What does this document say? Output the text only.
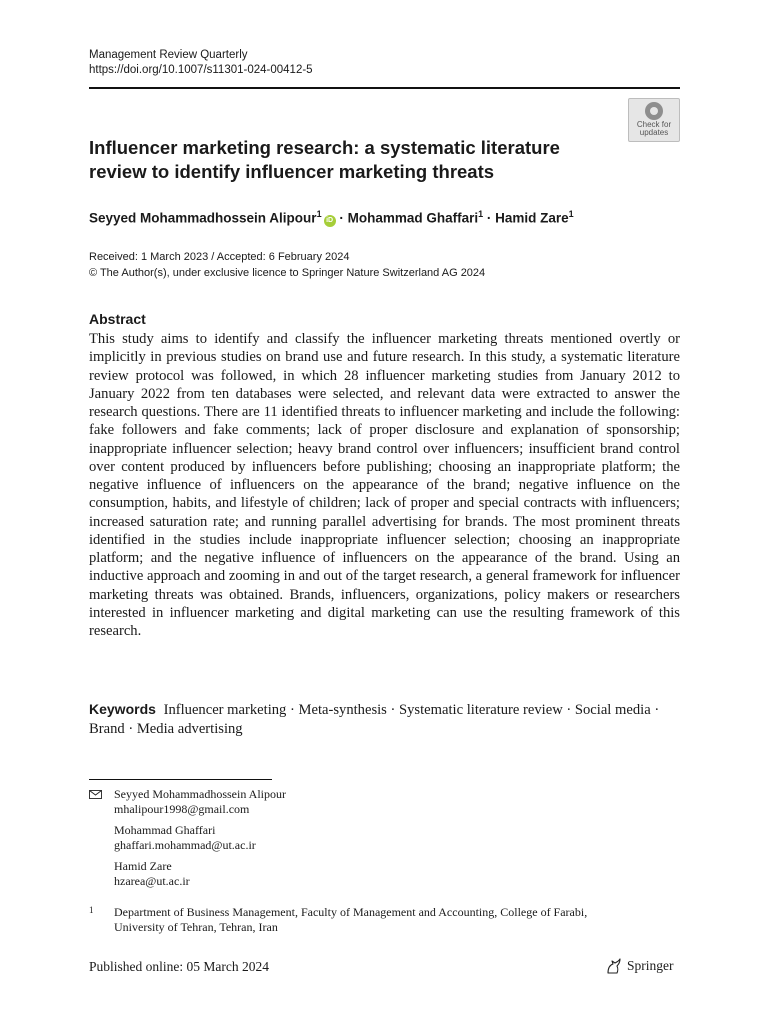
Management Review Quarterly
https://doi.org/10.1007/s11301-024-00412-5
Check for
updates
Influencer marketing research: a systematic literature
review to identify influencer marketing threats
Seyyed Mohammadhossein Alipour$^1$iD · Mohammad Ghaffari$^1$ · Hamid Zare$^1$
Received: 1 March 2023 / Accepted: 6 February 2024
© The Author(s), under exclusive licence to Springer Nature Switzerland AG 2024
Abstract

This study aims to identify and classify the influencer marketing threats mentioned overtly or implicitly in previous studies on brand use and future research. In this study, a systematic literature review protocol was followed, in which 28 influencer marketing studies from January 2012 to January 2022 from ten databases were selected, and relevant data were extracted to answer the research questions. There are 11 identified threats to influencer marketing and include the following: fake followers and fake comments; lack of proper disclosure and explanation of sponsorship; inappropriate influencer selection; heavy brand control over influencers; insufficient brand control over content produced by influencers before publishing; choosing an inappropriate platform; the negative influence of influencers on the appearance of the brand; negative influence on the consumption, habits, and lifestyle of children; lack of proper and special contracts with influencers; increased saturation rate; and running parallel advertising for brands. The most prominent threats identified in the studies include inappropriate influencer selection; choosing an inappropriate platform; and the negative influence of influencers on the appearance of the brand. Using an inductive approach and zooming in and out of the target research, a general framework for influencer marketing threats was obtained. Brands, influencers, organizations, policy makers or researchers interested in influencer marketing and digital marketing can use the resulting framework of this research.

Keywords Influencer marketing · Meta-synthesis · Systematic literature review · Social media · Brand · Media advertising
Seyyed Mohammadhossein Alipour
mhalipour1998@gmail.com
Mohammad Ghaffari
ghaffari.mohammad@ut.ac.ir
Hamid Zare
hzarea@ut.ac.ir
1 Department of Business Management, Faculty of Management and Accounting, College of Farabi, University of Tehran, Tehran, Iran
Published online: 05 March 2024	Springer
